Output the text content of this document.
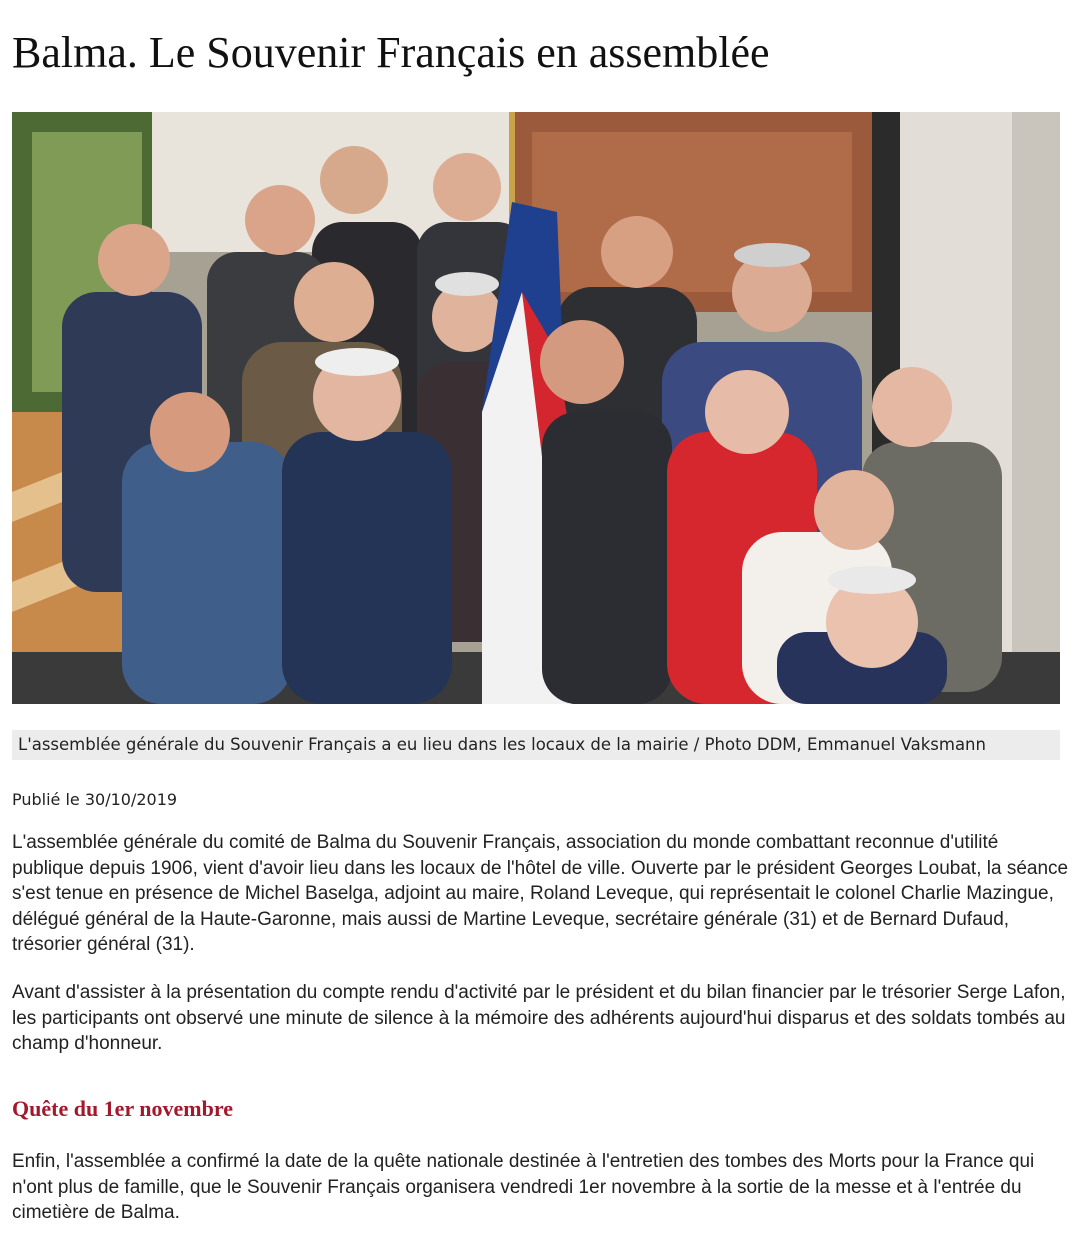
Balma. Le Souvenir Français en assemblée
L'assemblée générale du Souvenir Français a eu lieu dans les locaux de la mairie / Photo DDM, Emmanuel Vaksmann
Publié le 30/10/2019

L'assemblée générale du comité de Balma du Souvenir Français, association du monde combattant reconnue d'utilité publique depuis 1906, vient d'avoir lieu dans les locaux de l'hôtel de ville. Ouverte par le président Georges Loubat, la séance s'est tenue en présence de Michel Baselga, adjoint au maire, Roland Leveque, qui représentait le colonel Charlie Mazingue, délégué général de la Haute-Garonne, mais aussi de Martine Leveque, secrétaire générale (31) et de Bernard Dufaud, trésorier général (31).

Avant d'assister à la présentation du compte rendu d'activité par le président et du bilan financier par le trésorier Serge Lafon, les participants ont observé une minute de silence à la mémoire des adhérents aujourd'hui disparus et des soldats tombés au champ d'honneur.

Quête du 1er novembre

Enfin, l'assemblée a confirmé la date de la quête nationale destinée à l'entretien des tombes des Morts pour la France qui n'ont plus de famille, que le Souvenir Français organisera vendredi 1er novembre à la sortie de la messe et à l'entrée du cimetière de Balma.
